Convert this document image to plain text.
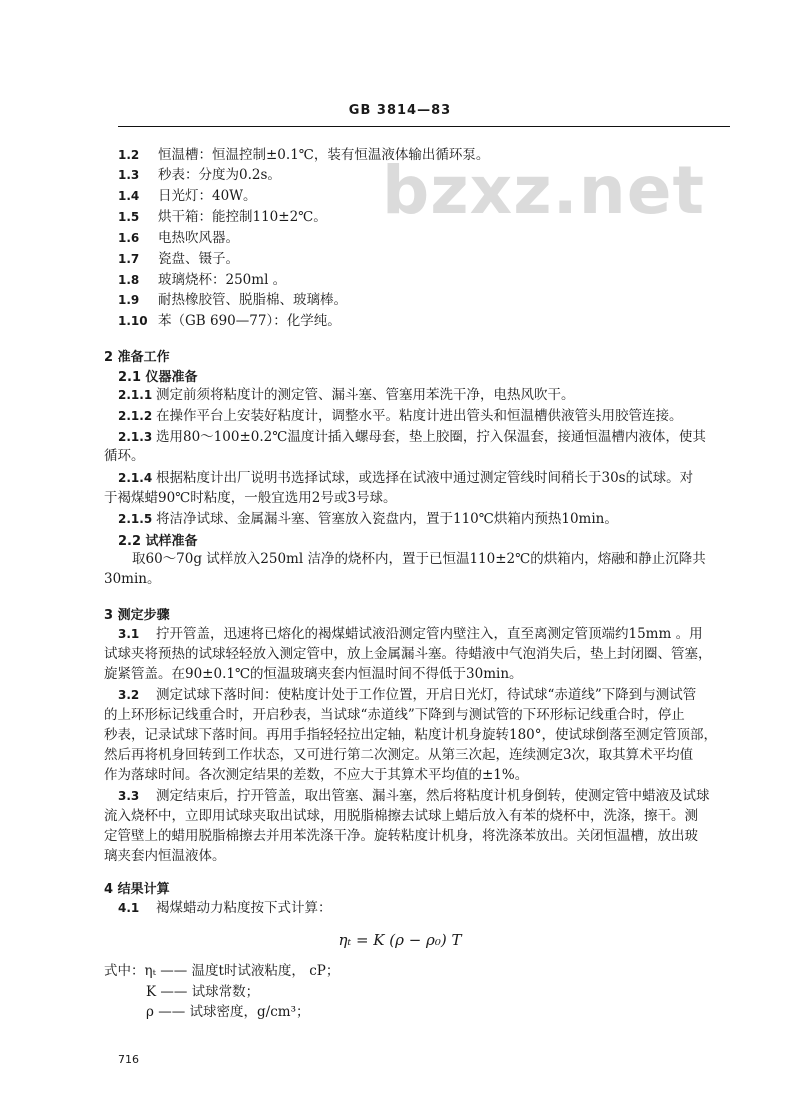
GB 3814—83
bzxz.net
1.2 恒温槽：恒温控制±0.1℃，装有恒温液体输出循环泵。
1.3 秒表：分度为0.2s。
1.4 日光灯：40W。
1.5 烘干箱：能控制110±2℃。
1.6 电热吹风器。
1.7 瓷盘、镊子。
1.8 玻璃烧杯：250ml 。
1.9 耐热橡胶管、脱脂棉、玻璃棒。
1.10 苯（GB 690—77）：化学纯。
2 准备工作
2.1 仪器准备
2.1.1 测定前须将粘度计的测定管、漏斗塞、管塞用苯洗干净，电热风吹干。
2.1.2 在操作平台上安装好粘度计，调整水平。粘度计进出管头和恒温槽供液管头用胶管连接。
2.1.3 选用80～100±0.2℃温度计插入螺母套，垫上胶圈，拧入保温套，接通恒温槽内液体，使其
循环。
2.1.4 根据粘度计出厂说明书选择试球，或选择在试液中通过测定管线时间稍长于30s的试球。对
于褐煤蜡90℃时粘度，一般宜选用2号或3号球。
2.1.5 将洁净试球、金属漏斗塞、管塞放入瓷盘内，置于110℃烘箱内预热10min。
2.2 试样准备
取60～70g 试样放入250ml 洁净的烧杯内，置于已恒温110±2℃的烘箱内，熔融和静止沉降共
30min。
3 测定步骤
3.1 拧开管盖，迅速将已熔化的褐煤蜡试液沿测定管内壁注入，直至离测定管顶端约15mm 。用
试球夹将预热的试球轻轻放入测定管中，放上金属漏斗塞。待蜡液中气泡消失后，垫上封闭圈、管塞，
旋紧管盖。在90±0.1℃的恒温玻璃夹套内恒温时间不得低于30min。
3.2 测定试球下落时间：使粘度计处于工作位置，开启日光灯，待试球“赤道线”下降到与测试管
的上环形标记线重合时，开启秒表，当试球“赤道线”下降到与测试管的下环形标记线重合时，停止
秒表，记录试球下落时间。再用手指轻轻拉出定轴，粘度计机身旋转180°，使试球倒落至测定管顶部，
然后再将机身回转到工作状态，又可进行第二次测定。从第三次起，连续测定3次，取其算术平均值
作为落球时间。各次测定结果的差数，不应大于其算术平均值的±1%。
3.3 测定结束后，拧开管盖，取出管塞、漏斗塞，然后将粘度计机身倒转，使测定管中蜡液及试球
流入烧杯中，立即用试球夹取出试球，用脱脂棉擦去试球上蜡后放入有苯的烧杯中，洗涤，擦干。测
定管壁上的蜡用脱脂棉擦去并用苯洗涤干净。旋转粘度计机身，将洗涤苯放出。关闭恒温槽，放出玻
璃夹套内恒温液体。
4 结果计算
4.1 褐煤蜡动力粘度按下式计算：
ηₜ = K (ρ − ρ₀) T
式中：ηₜ —— 温度t时试液粘度， cP；
K —— 试球常数；
ρ —— 试球密度，g/cm³；
716
